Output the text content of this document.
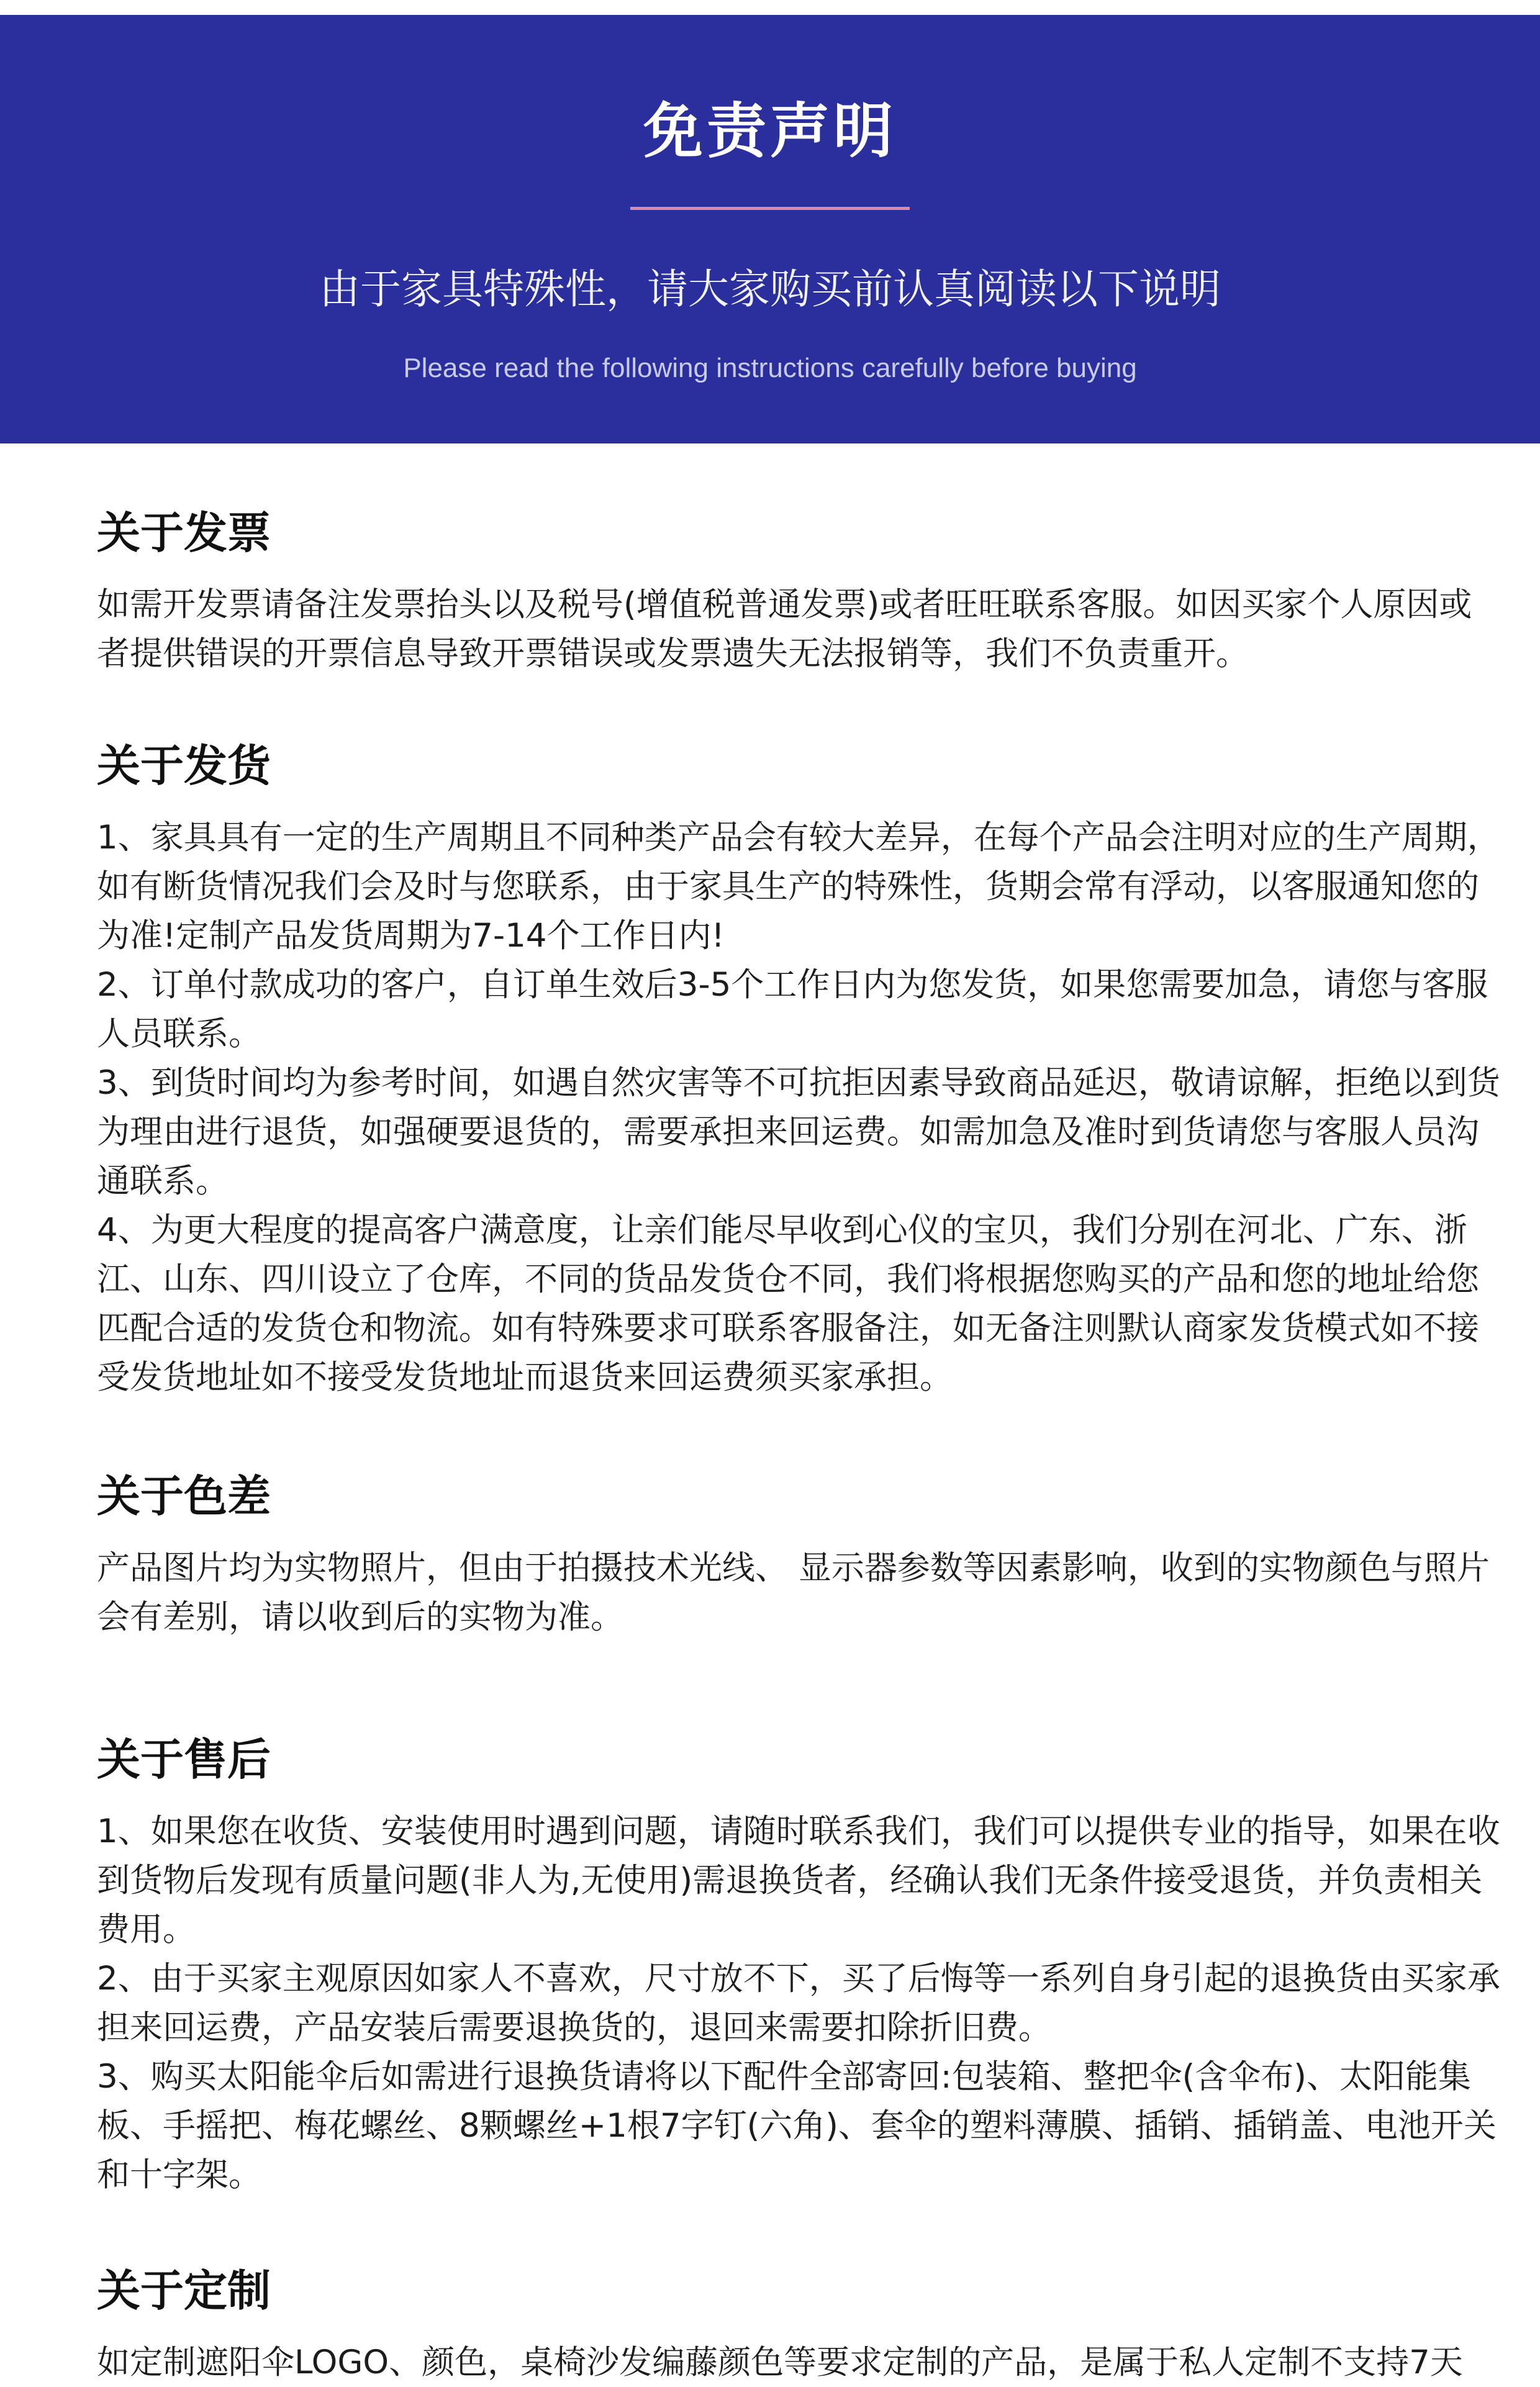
免责声明
由于家具特殊性，请大家购买前认真阅读以下说明
Please read the following instructions carefully before buying
关于发票

如需开发票请备注发票抬头以及税号(增值税普通发票)或者旺旺联系客服。如因买家个人原因或者提供错误的开票信息导致开票错误或发票遗失无法报销等，我们不负责重开。

关于发货

1、家具具有一定的生产周期且不同种类产品会有较大差异，在每个产品会注明对应的生产周期，如有断货情况我们会及时与您联系，由于家具生产的特殊性，货期会常有浮动，以客服通知您的为准!定制产品发货周期为7-14个工作日内!

2、订单付款成功的客户，自订单生效后3-5个工作日内为您发货，如果您需要加急，请您与客服人员联系。

3、到货时间均为参考时间，如遇自然灾害等不可抗拒因素导致商品延迟，敬请谅解，拒绝以到货为理由进行退货，如强硬要退货的，需要承担来回运费。如需加急及准时到货请您与客服人员沟通联系。

4、为更大程度的提高客户满意度，让亲们能尽早收到心仪的宝贝，我们分别在河北、广东、浙江、山东、四川设立了仓库，不同的货品发货仓不同，我们将根据您购买的产品和您的地址给您匹配合适的发货仓和物流。如有特殊要求可联系客服备注，如无备注则默认商家发货模式如不接受发货地址如不接受发货地址而退货来回运费须买家承担。

关于色差

产品图片均为实物照片，但由于拍摄技术光线、 显示器参数等因素影响，收到的实物颜色与照片会有差别，请以收到后的实物为准。

关于售后

1、如果您在收货、安装使用时遇到问题，请随时联系我们，我们可以提供专业的指导，如果在收到货物后发现有质量问题(非人为,无使用)需退换货者，经确认我们无条件接受退货，并负责相关费用。

2、由于买家主观原因如家人不喜欢，尺寸放不下，买了后悔等一系列自身引起的退换货由买家承担来回运费，产品安装后需要退换货的，退回来需要扣除折旧费。

3、购买太阳能伞后如需进行退换货请将以下配件全部寄回:包装箱、整把伞(含伞布)、太阳能集板、手摇把、梅花螺丝、8颗螺丝+1根7字钉(六角)、套伞的塑料薄膜、插销、插销盖、电池开关和十字架。

关于定制

如定制遮阳伞LOGO、颜色，桌椅沙发编藤颜色等要求定制的产品，是属于私人定制不支持7天
